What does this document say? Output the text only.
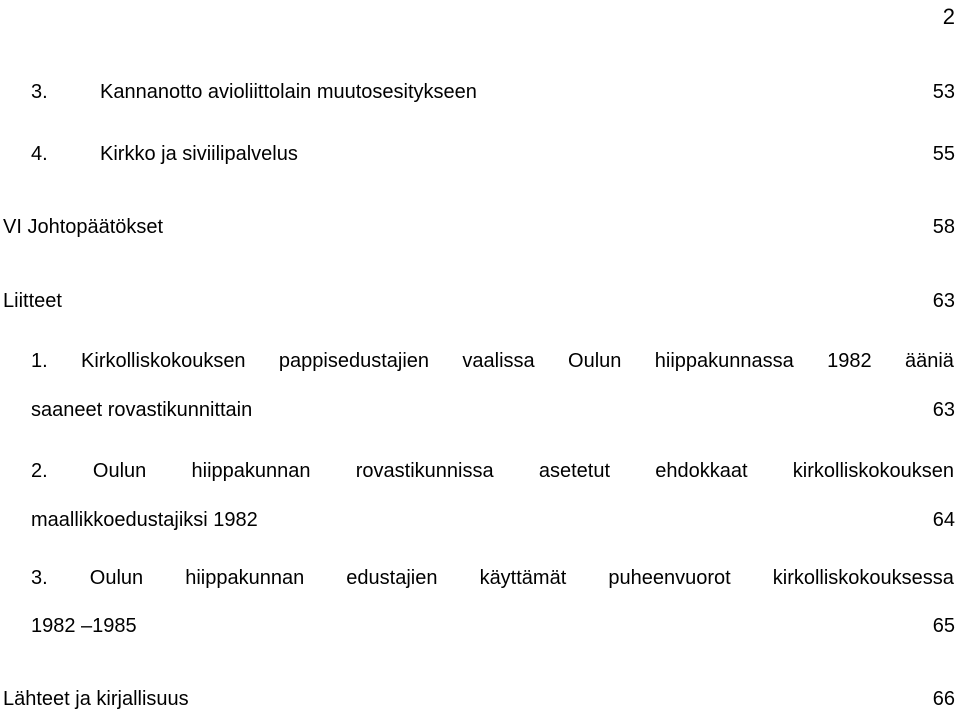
2
3.	Kannanotto avioliittolain muutosesitykseen	53
4.	Kirkko ja siviilipalvelus	55
VI Johtopäätökset	58
Liitteet	63
1. Kirkolliskokouksen pappisedustajien vaalissa Oulun hiippakunnassa 1982 ääniä
saaneet rovastikunnittain	63
2. Oulun hiippakunnan rovastikunnissa asetetut ehdokkaat kirkolliskokouksen
maallikkoedustajiksi 1982	64
3. Oulun hiippakunnan edustajien käyttämät puheenvuorot kirkolliskokouksessa
1982 –1985	65
Lähteet ja kirjallisuus	66
